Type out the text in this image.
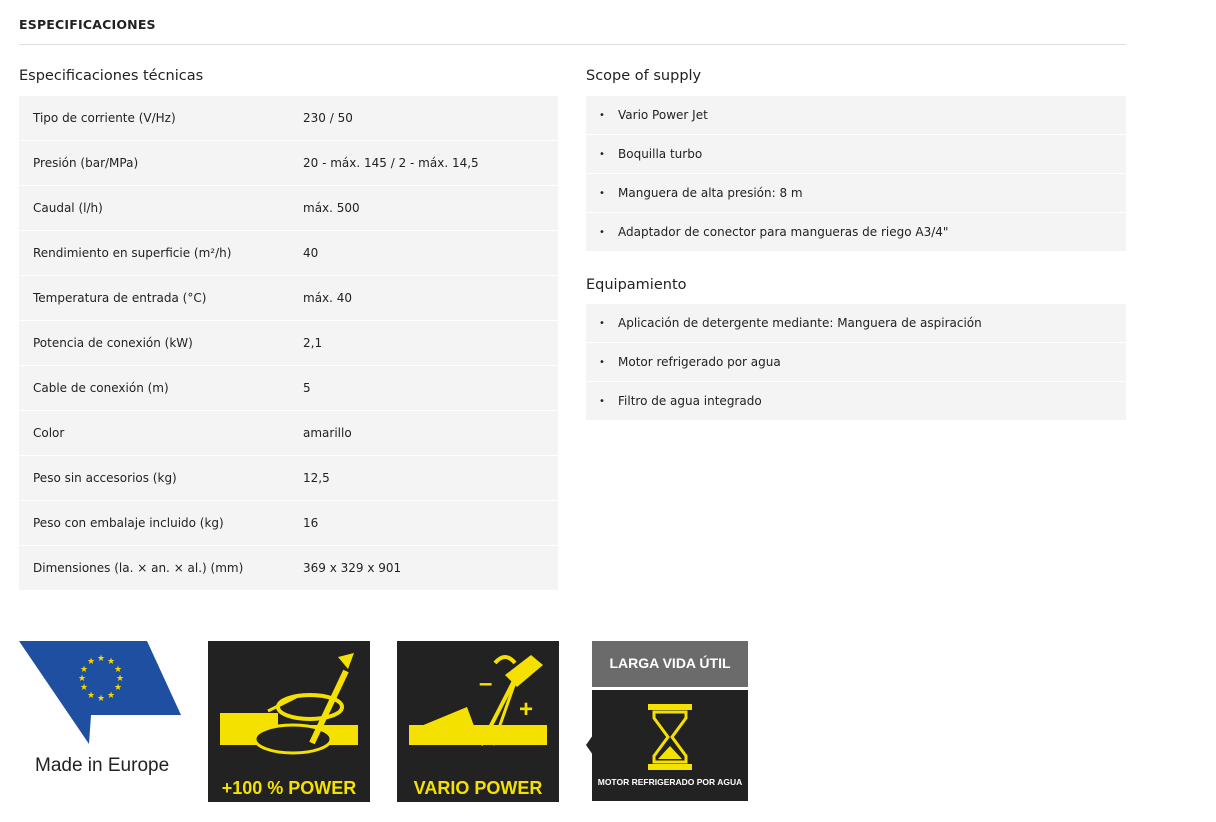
ESPECIFICACIONES
Especificaciones técnicas
Tipo de corriente (V/Hz)	230 / 50
Presión (bar/MPa)	20 - máx. 145 / 2 - máx. 14,5
Caudal (l/h)	máx. 500
Rendimiento en superficie (m²/h)	40
Temperatura de entrada (°C)	máx. 40
Potencia de conexión (kW)	2,1
Cable de conexión (m)	5
Color	amarillo
Peso sin accesorios (kg)	12,5
Peso con embalaje incluido (kg)	16
Dimensiones (la. × an. × al.) (mm)	369 x 329 x 901
Scope of supply
•	Vario Power Jet
•	Boquilla turbo
•	Manguera de alta presión: 8 m
•	Adaptador de conector para mangueras de riego A3/4"
Equipamiento
•	Aplicación de detergente mediante: Manguera de aspiración
•	Motor refrigerado por agua
•	Filtro de agua integrado
★ ★
★
★
★
★
★
★
★
★
★
★
Made in Europe
+100 % POWER
–
+
VARIO POWER
LARGA VIDA ÚTIL
MOTOR REFRIGERADO POR AGUA
